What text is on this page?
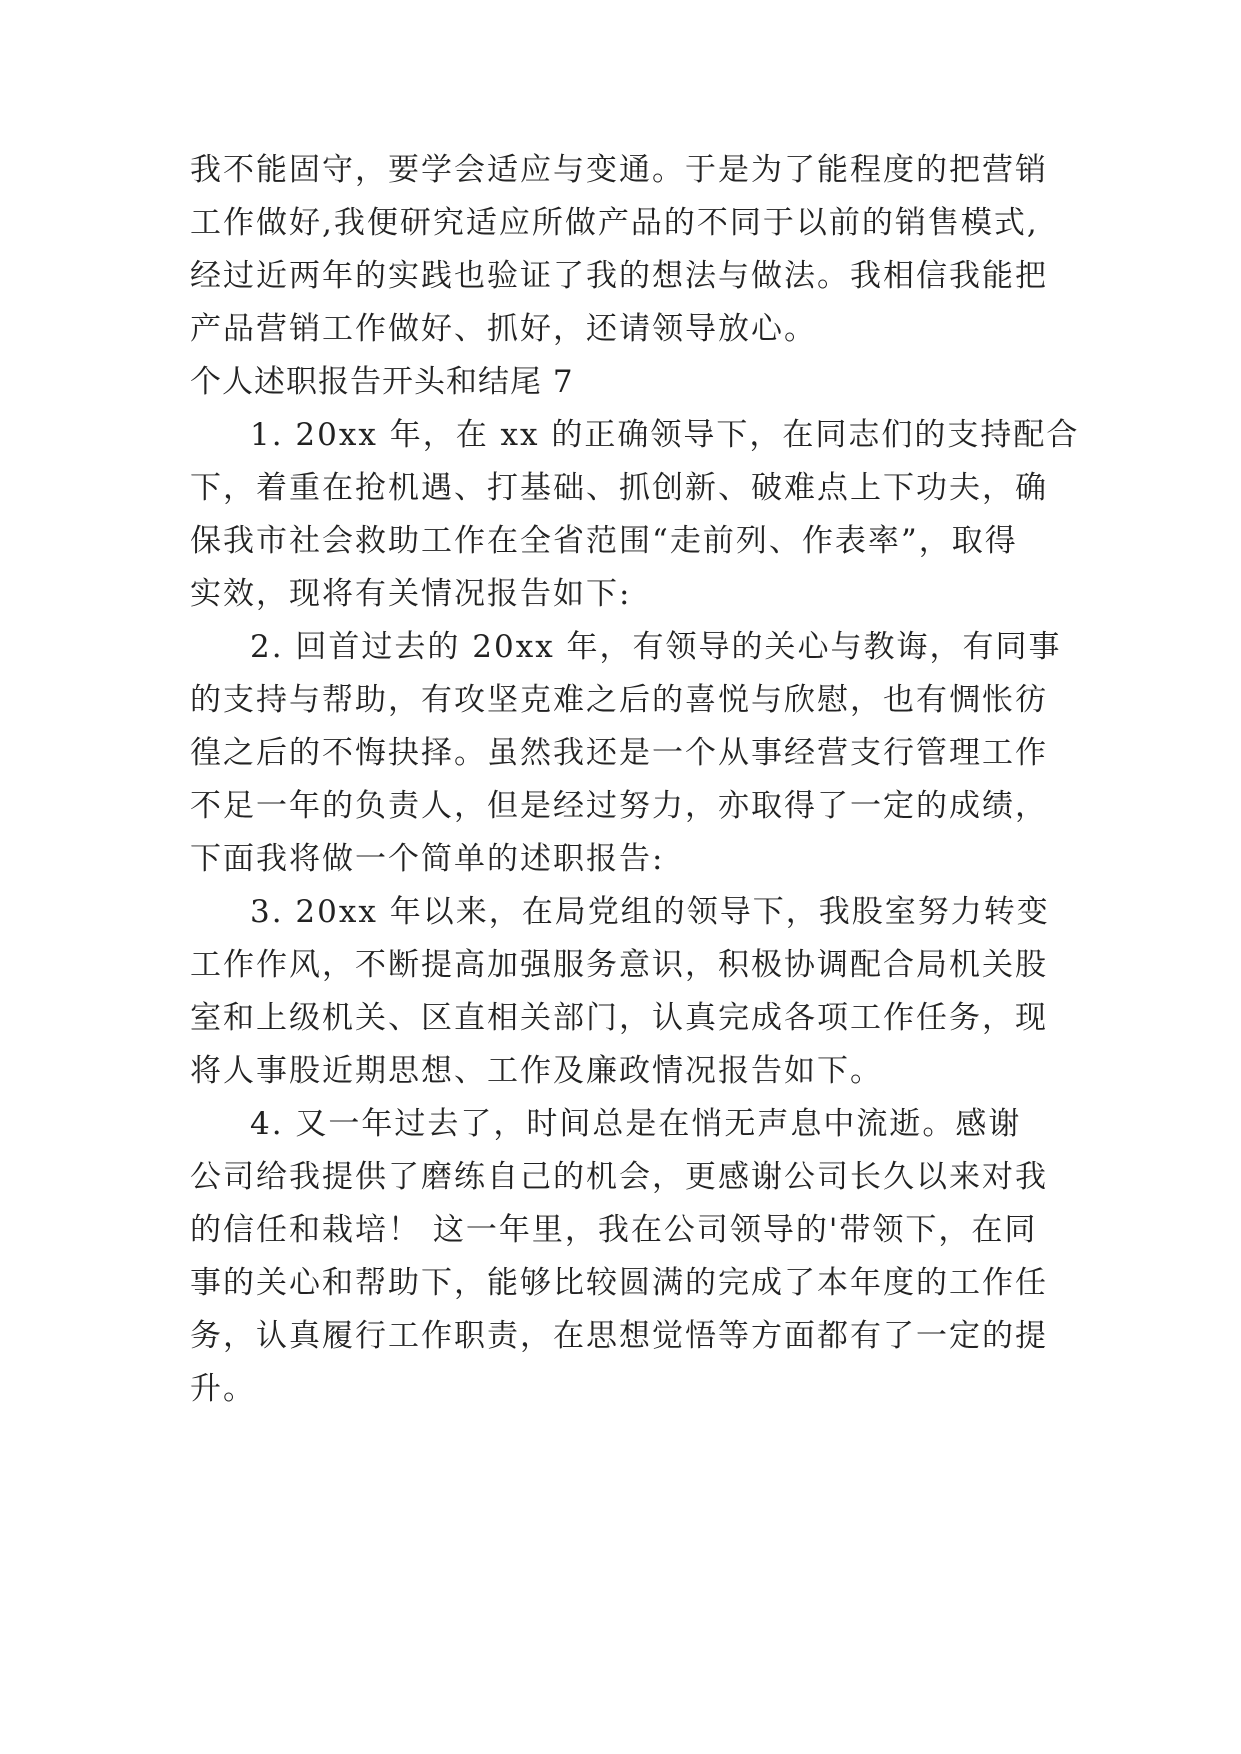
我不能固守，要学会适应与变通。于是为了能程度的把营销
工作做好,我便研究适应所做产品的不同于以前的销售模式,
经过近两年的实践也验证了我的想法与做法。我相信我能把
产品营销工作做好、抓好，还请领导放心。
个人述职报告开头和结尾 7
1. 20xx 年，在 xx 的正确领导下，在同志们的支持配合
下，着重在抢机遇、打基础、抓创新、破难点上下功夫，确
保我市社会救助工作在全省范围“走前列、作表率”，取得
实效，现将有关情况报告如下:
2. 回首过去的 20xx 年，有领导的关心与教诲，有同事
的支持与帮助，有攻坚克难之后的喜悦与欣慰，也有惆怅彷
徨之后的不悔抉择。虽然我还是一个从事经营支行管理工作
不足一年的负责人，但是经过努力，亦取得了一定的成绩，
下面我将做一个简单的述职报告:
3. 20xx 年以来，在局党组的领导下，我股室努力转变
工作作风，不断提高加强服务意识，积极协调配合局机关股
室和上级机关、区直相关部门，认真完成各项工作任务，现
将人事股近期思想、工作及廉政情况报告如下。
4. 又一年过去了，时间总是在悄无声息中流逝。感谢
公司给我提供了磨练自己的机会，更感谢公司长久以来对我
的信任和栽培！ 这一年里，我在公司领导的'带领下，在同
事的关心和帮助下，能够比较圆满的完成了本年度的工作任
务，认真履行工作职责，在思想觉悟等方面都有了一定的提
升。
